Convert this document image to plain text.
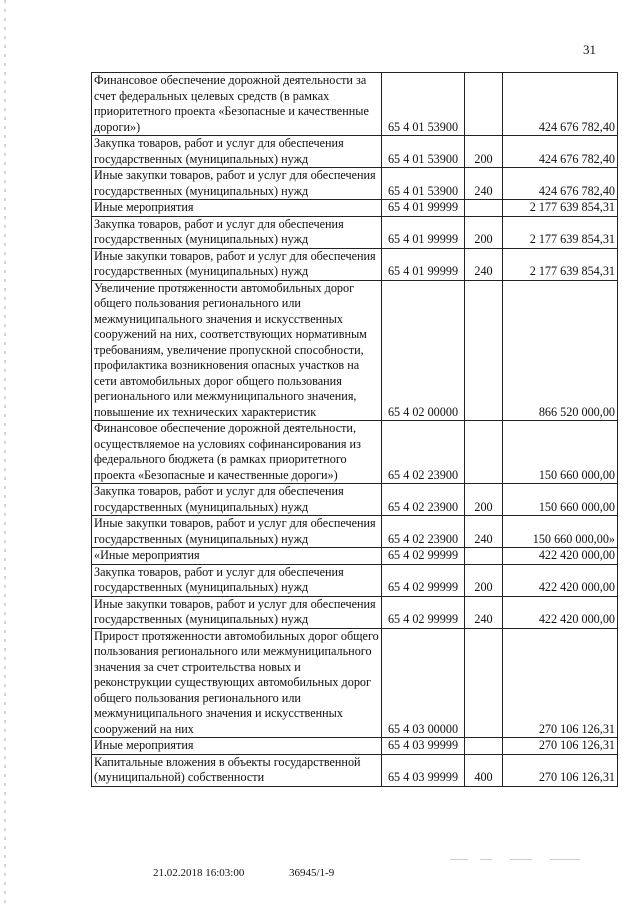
31
Финансовое обеспечение дорожной деятельности за счет федеральных целевых средств (в рамках приоритетного проекта «Безопасные и качественные дороги»)	65 4 01 53900		424 676 782,40
Закупка товаров, работ и услуг для обеспечения государственных (муниципальных) нужд	65 4 01 53900	200	424 676 782,40
Иные закупки товаров, работ и услуг для обеспечения государственных (муниципальных) нужд	65 4 01 53900	240	424 676 782,40
Иные мероприятия	65 4 01 99999		2 177 639 854,31
Закупка товаров, работ и услуг для обеспечения государственных (муниципальных) нужд	65 4 01 99999	200	2 177 639 854,31
Иные закупки товаров, работ и услуг для обеспечения государственных (муниципальных) нужд	65 4 01 99999	240	2 177 639 854,31
Увеличение протяженности автомобильных дорог общего пользования регионального или межмуниципального значения и искусственных сооружений на них, соответствующих нормативным требованиям, увеличение пропускной способности, профилактика возникновения опасных участков на сети автомобильных дорог общего пользования регионального или межмуниципального значения, повышение их технических характеристик	65 4 02 00000		866 520 000,00
Финансовое обеспечение дорожной деятельности, осуществляемое на условиях софинансирования из федерального бюджета (в рамках приоритетного проекта «Безопасные и качественные дороги»)	65 4 02 23900		150 660 000,00
Закупка товаров, работ и услуг для обеспечения государственных (муниципальных) нужд	65 4 02 23900	200	150 660 000,00
Иные закупки товаров, работ и услуг для обеспечения государственных (муниципальных) нужд	65 4 02 23900	240	150 660 000,00»
«Иные мероприятия	65 4 02 99999		422 420 000,00
Закупка товаров, работ и услуг для обеспечения государственных (муниципальных) нужд	65 4 02 99999	200	422 420 000,00
Иные закупки товаров, работ и услуг для обеспечения государственных (муниципальных) нужд	65 4 02 99999	240	422 420 000,00
Прирост протяженности автомобильных дорог общего пользования регионального или межмуниципального значения за счет строительства новых и реконструкции существующих автомобильных дорог общего пользования регионального или межмуниципального значения и искусственных сооружений на них	65 4 03 00000		270 106 126,31
Иные мероприятия	65 4 03 99999		270 106 126,31
Капитальные вложения в объекты государственной (муниципальной) собственности	65 4 03 99999	400	270 106 126,31
21.02.2018 16:03:00	36945/1-9
